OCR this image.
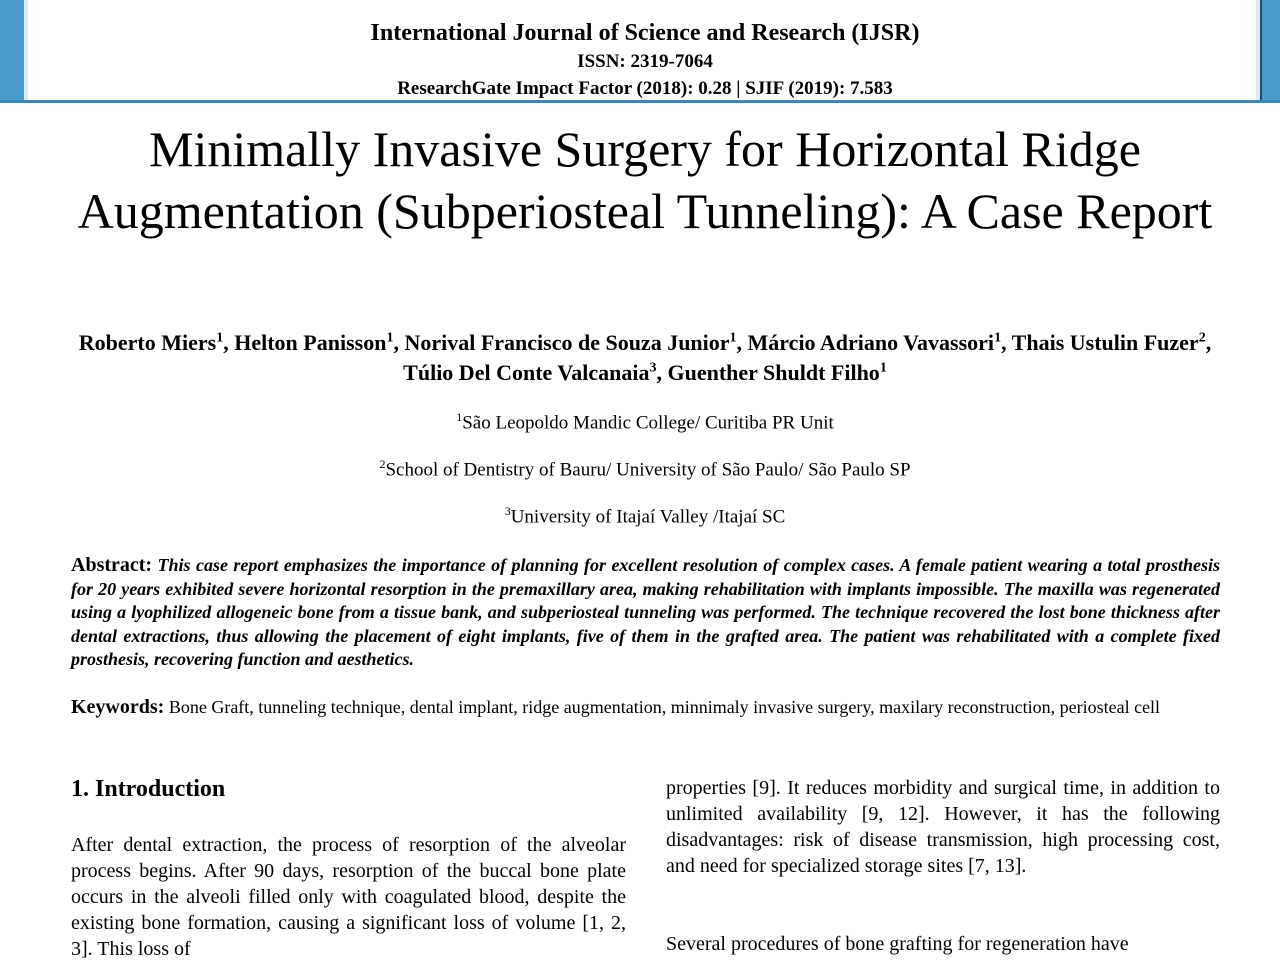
International Journal of Science and Research (IJSR)
ISSN: 2319-7064
ResearchGate Impact Factor (2018): 0.28 | SJIF (2019): 7.583
Minimally Invasive Surgery for Horizontal Ridge Augmentation (Subperiosteal Tunneling): A Case Report
Roberto Miers$^1$, Helton Panisson$^1$, Norival Francisco de Souza Junior$^1$, Márcio Adriano Vavassori$^1$, Thais Ustulin Fuzer$^2$, Túlio Del Conte Valcanaia$^3$, Guenther Shuldt Filho$^1$
$^1$São Leopoldo Mandic College/ Curitiba PR Unit
$^2$School of Dentistry of Bauru/ University of São Paulo/ São Paulo SP
$^3$University of Itajaí Valley /Itajaí SC
Abstract: This case report emphasizes the importance of planning for excellent resolution of complex cases. A female patient wearing a total prosthesis for 20 years exhibited severe horizontal resorption in the premaxillary area, making rehabilitation with implants impossible. The maxilla was regenerated using a lyophilized allogeneic bone from a tissue bank, and subperiosteal tunneling was performed. The technique recovered the lost bone thickness after dental extractions, thus allowing the placement of eight implants, five of them in the grafted area. The patient was rehabilitated with a complete fixed prosthesis, recovering function and aesthetics.
Keywords: Bone Graft, tunneling technique, dental implant, ridge augmentation, minnimaly invasive surgery, maxilary reconstruction, periosteal cell
1. Introduction
After dental extraction, the process of resorption of the alveolar process begins. After 90 days, resorption of the buccal bone plate occurs in the alveoli filled only with coagulated blood, despite the existing bone formation, causing a significant loss of volume [1, 2, 3]. This loss of
properties [9]. It reduces morbidity and surgical time, in addition to unlimited availability [9, 12]. However, it has the following disadvantages: risk of disease transmission, high processing cost, and need for specialized storage sites [7, 13].
Several procedures of bone grafting for regeneration have
